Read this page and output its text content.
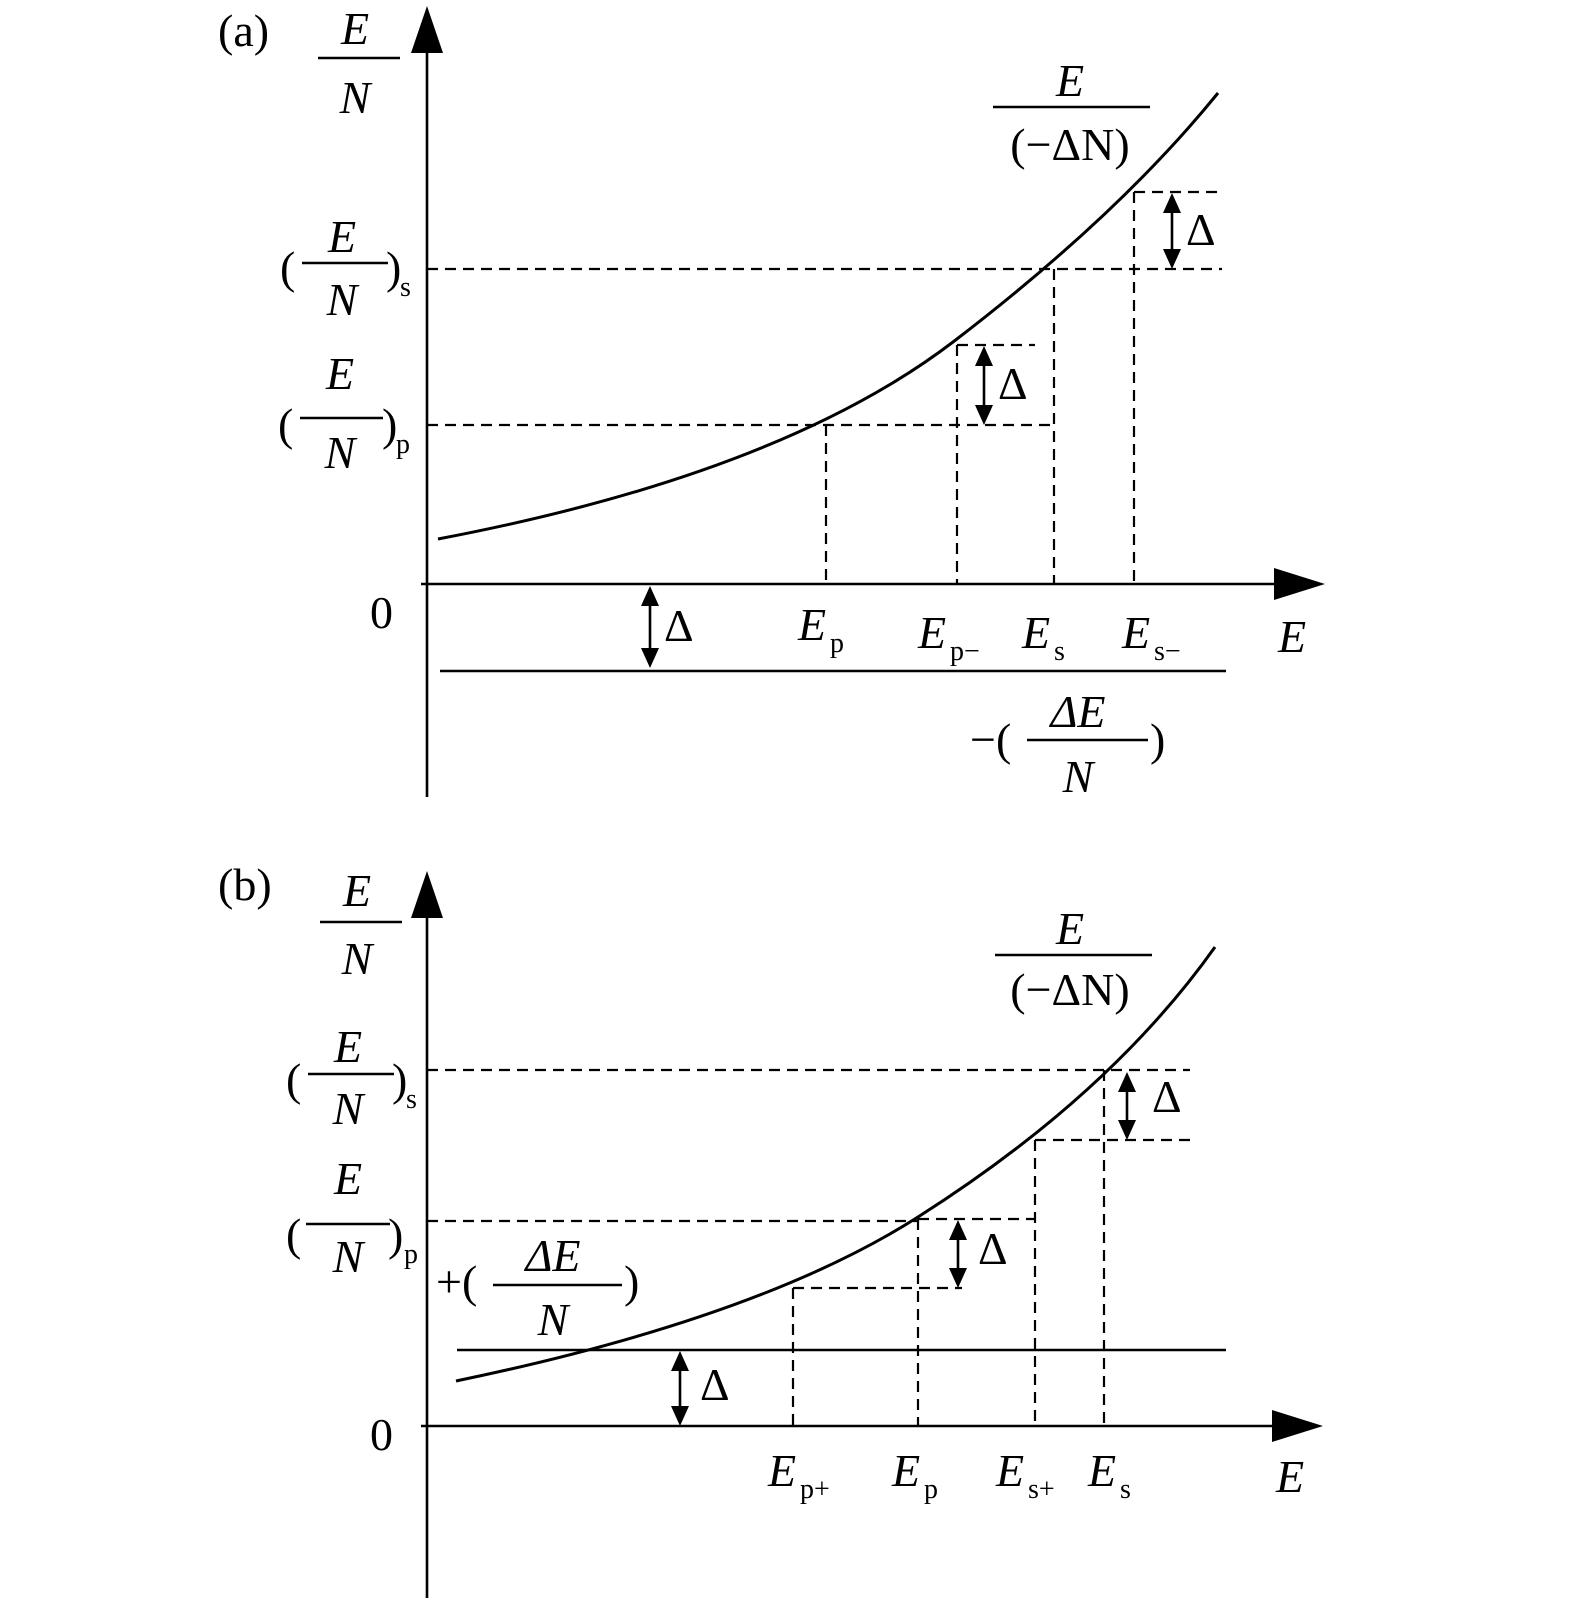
(a) E
N
E
0
E
(−ΔN)
(
E
N
)
s
(
E
N
)
p
Δ
Δ
Δ E p E p− E s E s−
−(
ΔE
N
)
(b) E
N
E
0
E
(−ΔN)
(
E
N
)
s
(
E
N ) p	Δ
Δ
Δ
+(
ΔE
N
)
E p+ E p E s+ E s
